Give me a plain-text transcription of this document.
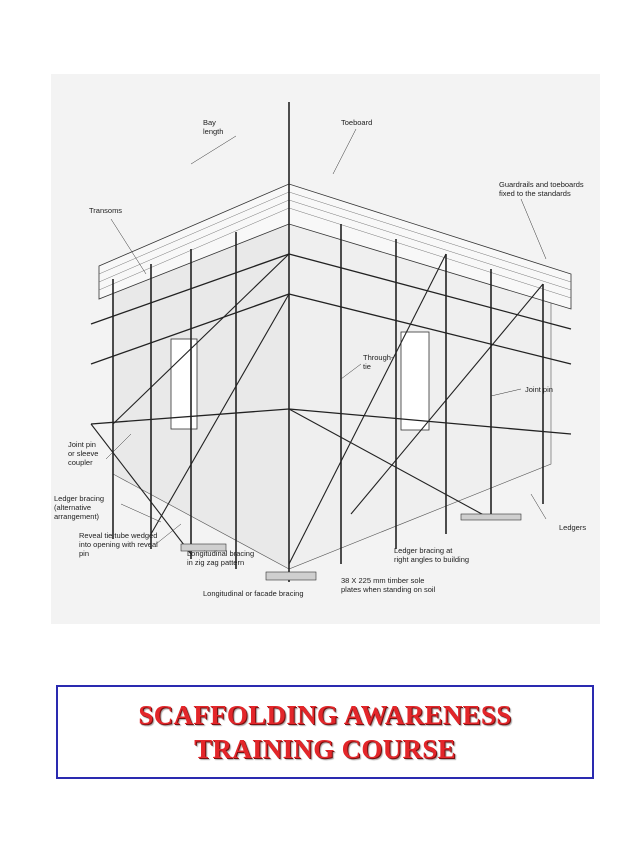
Bay
length
Toeboard
Guardrails and toeboards
fixed to the standards
Transoms
Through-
tie
Joint pin
Joint pin
or sleeve
coupler
Ledger bracing
(alternative
arrangement)
Reveal tie tube wedged
into opening with reveal
pin	Longitudinal bracing
in zig zag pattern
Ledger bracing at
right angles to building
Ledgers
Longitudinal or facade bracing
38 X 225 mm timber sole
plates when standing on soil
SCAFFOLDING AWARENESS
TRAINING COURSE
